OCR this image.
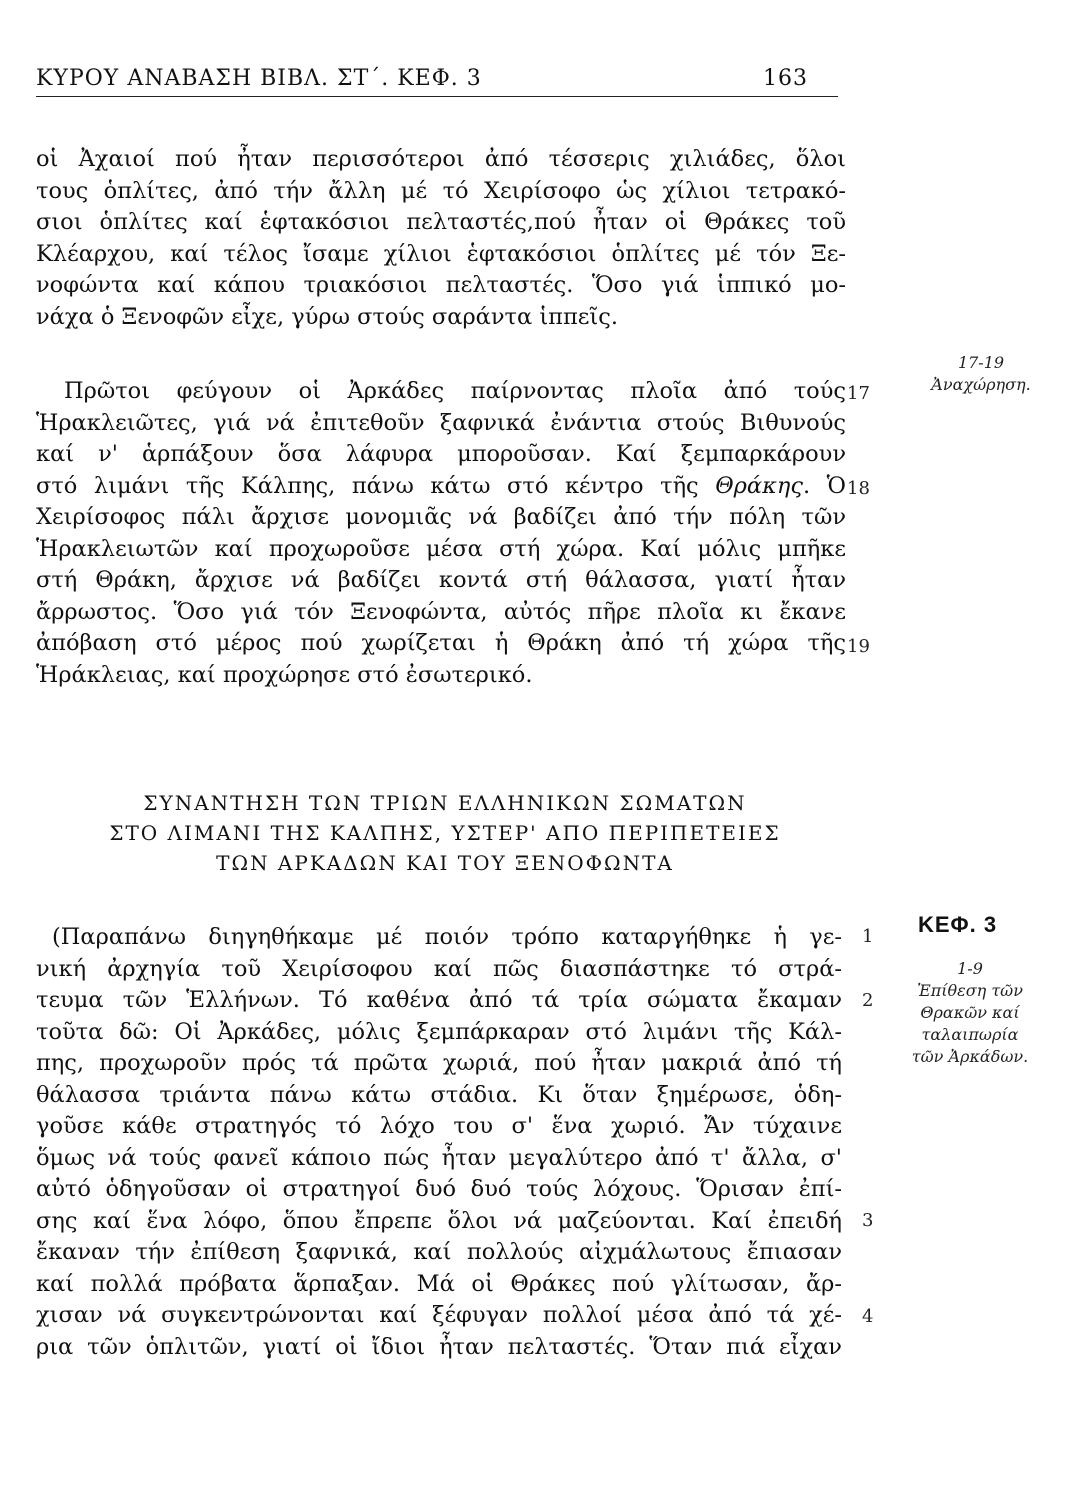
ΚΥΡΟΥ ΑΝΑΒΑΣΗ ΒΙΒΛ. ΣΤ΄. ΚΕΦ. 3	163
οἱ Ἀχαιοί πού ἦταν περισσότεροι ἀπό τέσσερις χιλιάδες, ὅλοι
τους ὁπλίτες, ἀπό τήν ἄλλη μέ τό Χειρίσοφο ὡς χίλιοι τετρακό-
σιοι ὁπλίτες καί ἑφτακόσιοι πελταστές,πού ἦταν οἱ Θράκες τοῦ
Κλέαρχου, καί τέλος ἴσαμε χίλιοι ἑφτακόσιοι ὁπλίτες μέ τόν Ξε-
νοφώντα καί κάπου τριακόσιοι πελταστές. Ὅσο γιά ἱππικό μο-
νάχα ὁ Ξενοφῶν εἶχε, γύρω στούς σαράντα ἱππεῖς.
Πρῶτοι φεύγουν οἱ Ἀρκάδες παίρνοντας πλοῖα ἀπό τούς
Ἡρακλειῶτες, γιά νά ἐπιτεθοῦν ξαφνικά ἐνάντια στούς Βιθυνούς
καί ν' ἁρπάξουν ὅσα λάφυρα μποροῦσαν. Καί ξεμπαρκάρουν
στό λιμάνι τῆς Κάλπης, πάνω κάτω στό κέντρο τῆς Θράκης. Ὁ
Χειρίσοφος πάλι ἄρχισε μονομιᾶς νά βαδίζει ἀπό τήν πόλη τῶν
Ἡρακλειωτῶν καί προχωροῦσε μέσα στή χώρα. Καί μόλις μπῆκε
στή Θράκη, ἄρχισε νά βαδίζει κοντά στή θάλασσα, γιατί ἦταν
ἄρρωστος. Ὅσο γιά τόν Ξενοφώντα, αὐτός πῆρε πλοῖα κι ἔκανε
ἀπόβαση στό μέρος πού χωρίζεται ἡ Θράκη ἀπό τή χώρα τῆς
Ἡράκλειας, καί προχώρησε στό ἐσωτερικό.
ΣΥΝΑΝΤΗΣΗ ΤΩΝ ΤΡΙΩΝ ΕΛΛΗΝΙΚΩΝ ΣΩΜΑΤΩΝ
ΣΤΟ ΛΙΜΑΝΙ ΤΗΣ ΚΑΛΠΗΣ, ΥΣΤΕΡ' ΑΠΟ ΠΕΡΙΠΕΤΕΙΕΣ
ΤΩΝ ΑΡΚΑΔΩΝ ΚΑΙ ΤΟΥ ΞΕΝΟΦΩΝΤΑ
(Παραπάνω διηγηθήκαμε μέ ποιόν τρόπο καταργήθηκε ἡ γε-
νική ἀρχηγία τοῦ Χειρίσοφου καί πῶς διασπάστηκε τό στρά-
τευμα τῶν Ἑλλήνων. Τό καθένα ἀπό τά τρία σώματα ἔκαμαν
τοῦτα δῶ: Οἱ Ἀρκάδες, μόλις ξεμπάρκαραν στό λιμάνι τῆς Κάλ-
πης, προχωροῦν πρός τά πρῶτα χωριά, πού ἦταν μακριά ἀπό τή
θάλασσα τριάντα πάνω κάτω στάδια. Κι ὅταν ξημέρωσε, ὁδη-
γοῦσε κάθε στρατηγός τό λόχο του σ' ἕνα χωριό. Ἄν τύχαινε
ὅμως νά τούς φανεῖ κάποιο πώς ἦταν μεγαλύτερο ἀπό τ' ἄλλα, σ'
αὐτό ὁδηγοῦσαν οἱ στρατηγοί δυό δυό τούς λόχους. Ὅρισαν ἐπί-
σης καί ἕνα λόφο, ὅπου ἔπρεπε ὅλοι νά μαζεύονται. Καί ἐπειδή
ἔκαναν τήν ἐπίθεση ξαφνικά, καί πολλούς αἰχμάλωτους ἔπιασαν
καί πολλά πρόβατα ἅρπαξαν. Μά οἱ Θράκες πού γλίτωσαν, ἄρ-
χισαν νά συγκεντρώνονται καί ξέφυγαν πολλοί μέσα ἀπό τά χέ-
ρια τῶν ὁπλιτῶν, γιατί οἱ ἴδιοι ἦταν πελταστές. Ὅταν πιά εἶχαν
17
18
19
1
2
3
4
17-19
Ἀναχώρηση.
ΚΕΦ. 3
1-9
Ἐπίθεση τῶν
Θρακῶν καί
ταλαιπωρία
τῶν Ἀρκάδων.
